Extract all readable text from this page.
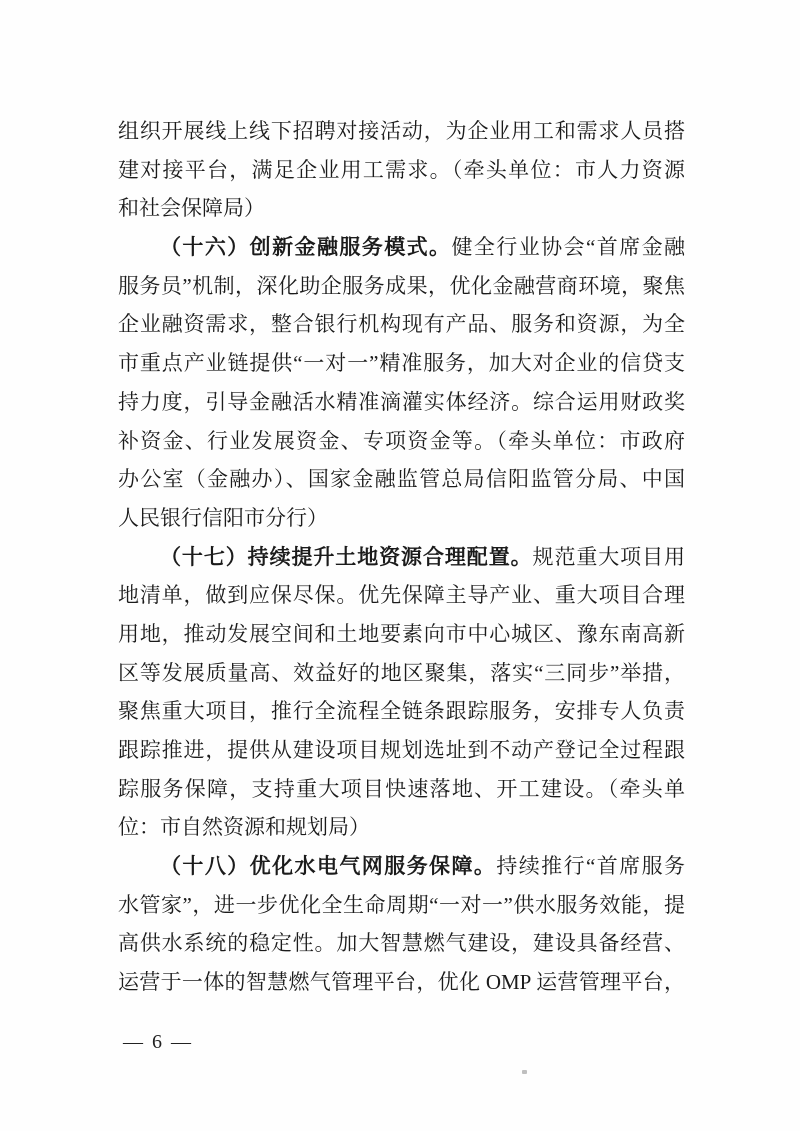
组织开展线上线下招聘对接活动，为企业用工和需求人员搭
建对接平台，满足企业用工需求。（牵头单位：市人力资源
和社会保障局）
（十六）创新金融服务模式。健全行业协会“首席金融
服务员”机制，深化助企服务成果，优化金融营商环境，聚焦
企业融资需求，整合银行机构现有产品、服务和资源，为全
市重点产业链提供“一对一”精准服务，加大对企业的信贷支
持力度，引导金融活水精准滴灌实体经济。综合运用财政奖
补资金、行业发展资金、专项资金等。（牵头单位：市政府
办公室（金融办）、国家金融监管总局信阳监管分局、中国
人民银行信阳市分行）
（十七）持续提升土地资源合理配置。规范重大项目用
地清单，做到应保尽保。优先保障主导产业、重大项目合理
用地，推动发展空间和土地要素向市中心城区、豫东南高新
区等发展质量高、效益好的地区聚集，落实“三同步”举措，
聚焦重大项目，推行全流程全链条跟踪服务，安排专人负责
跟踪推进，提供从建设项目规划选址到不动产登记全过程跟
踪服务保障，支持重大项目快速落地、开工建设。（牵头单
位：市自然资源和规划局）
（十八）优化水电气网服务保障。持续推行“首席服务
水管家”，进一步优化全生命周期“一对一”供水服务效能，提
高供水系统的稳定性。加大智慧燃气建设，建设具备经营、
运营于一体的智慧燃气管理平台，优化 OMP 运营管理平台，
— 6 —
